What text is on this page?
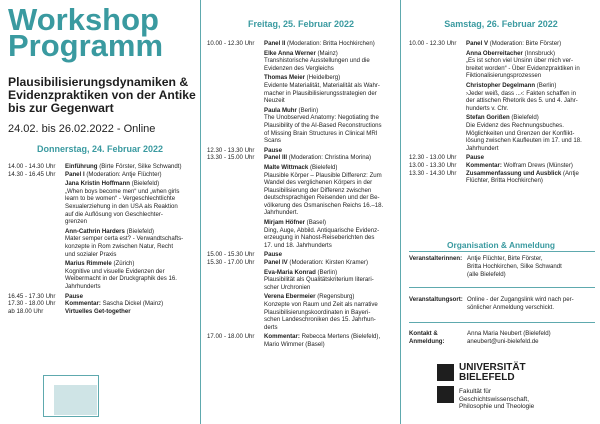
Workshop
Programm
Plausibilisierungsdynamiken & Evidenzpraktiken von der Antike bis zur Gegenwart
24.02. bis 26.02.2022 - Online
Donnerstag, 24. Februar 2022
14.00 - 14.30 Uhr	Einführung (Birte Förster, Silke Schwandt)
14.30 - 16.45 Uhr	Panel I (Moderation: Antje Flüchter)
Jana Kristin Hoffmann (Bielefeld)
„When boys become men“ und „when girls
learn to be women“ - Vergeschlechtlichte
Sexualerziehung in den USA als Reaktion
auf die Auflösung von Geschlechter-
grenzen
Ann-Cathrin Harders (Bielefeld)
Mater semper certa est? - Verwandtschafts-
konzepte in Rom zwischen Natur, Recht
und sozialer Praxis
Marius Rimmele (Zürich)
Kognitive und visuelle Evidenzen der
Weibermacht in der Druckgraphik des 16.
Jahrhunderts
16.45 - 17.30 Uhr	Pause
17.30 - 18.00 Uhr	Kommentar: Sascha Dickel (Mainz)
ab 18.00 Uhr	Virtuelles Get-together
Freitag, 25. Februar 2022
10.00 - 12.30 Uhr	Panel II (Moderation: Britta Hochkirchen)
Elke Anna Werner (Mainz)
Transhistorische Ausstellungen und die
Evidenzen des Vergleichs
Thomas Meier (Heidelberg)
Evidente Materialität, Materialität als Wahr-
macher in Plausibilisierungsstrategien der
Neuzeit
Paula Muhr (Berlin)
The Unobserved Anatomy: Negotiating the
Plausibility of the AI-Based Reconstructions
of Missing Brain Structures in Clinical MRI
Scans
12.30 - 13.30 Uhr	Pause
13.30 - 15.00 Uhr	Panel III (Moderation: Christina Morina)
Malte Wittmack (Bielefeld)
Plausible Körper – Plausible Differenz: Zum
Wandel des verglichenen Körpers in der
Plausibilisierung der Differenz zwischen
deutschsprachigen Reisenden und der Be-
völkerung des Osmanischen Reichs 16.–18.
Jahrhundert.
Mirjam Höfner (Basel)
Ding, Auge, Abbild. Antiquarische Evidenz-
erzeugung in Nahost-Reiseberichten des
17. und 18. Jahrhunderts
15.00 - 15.30 Uhr	Pause
15.30 - 17.00 Uhr	Panel IV (Moderation: Kirsten Kramer)
Eva-Maria Konrad (Berlin)
Plausibilität als Qualitätskriterium literari-
scher Urchronien
Verena Ebermeier (Regensburg)
Konzepte von Raum und Zeit als narrative
Plausibilisierungskoordinaten in Bayeri-
schen Landeschroniken des 15. Jahrhun-
derts
17.00 - 18.00 Uhr	Kommentar: Rebecca Mertens (Bielefeld),
Mario Wimmer (Basel)
Samstag, 26. Februar 2022
10.00 - 12.30 Uhr	Panel V (Moderation: Birte Förster)
Anna Oberreitacher (Innsbruck)
„Es ist schon viel Unsinn über mich ver-
breitet worden“ - Über Evidenzpraktiken in
Fiktionalisierungsprozessen
Christopher Degelmann (Berlin)
›Jeder weiß, dass ...‹: Fakten schaffen in
der attischen Rhetorik des 5. und 4. Jahr-
hunderts v. Chr.
Stefan Gorißen (Bielefeld)
Die Evidenz des Rechnungsbuches.
Möglichkeiten und Grenzen der Konflikt-
lösung zwischen Kaufleuten im 17. und 18.
Jahrhundert
12.30 - 13.00 Uhr	Pause
13.00 - 13.30 Uhr	Kommentar: Wolfram Drews (Münster)
13.30 - 14.30 Uhr	Zusammenfassung und Ausblick (Antje
Flüchter, Britta Hochkirchen)
Organisation & Anmeldung
Veranstalterinnen: Antje Flüchter, Birte Förster,
Britta Hochkirchen, Silke Schwandt
(alle Bielefeld)
Veranstaltungsort: Online - der Zugangslink wird nach per-
sönlicher Anmeldung verschickt.
Kontakt &
Anmeldung:
Anna Maria Neubert (Bielefeld)
aneubert@uni-bielefeld.de
UNIVERSITÄT
BIELEFELD
Fakultät für
Geschichtswissenschaft,
Philosophie und Theologie
